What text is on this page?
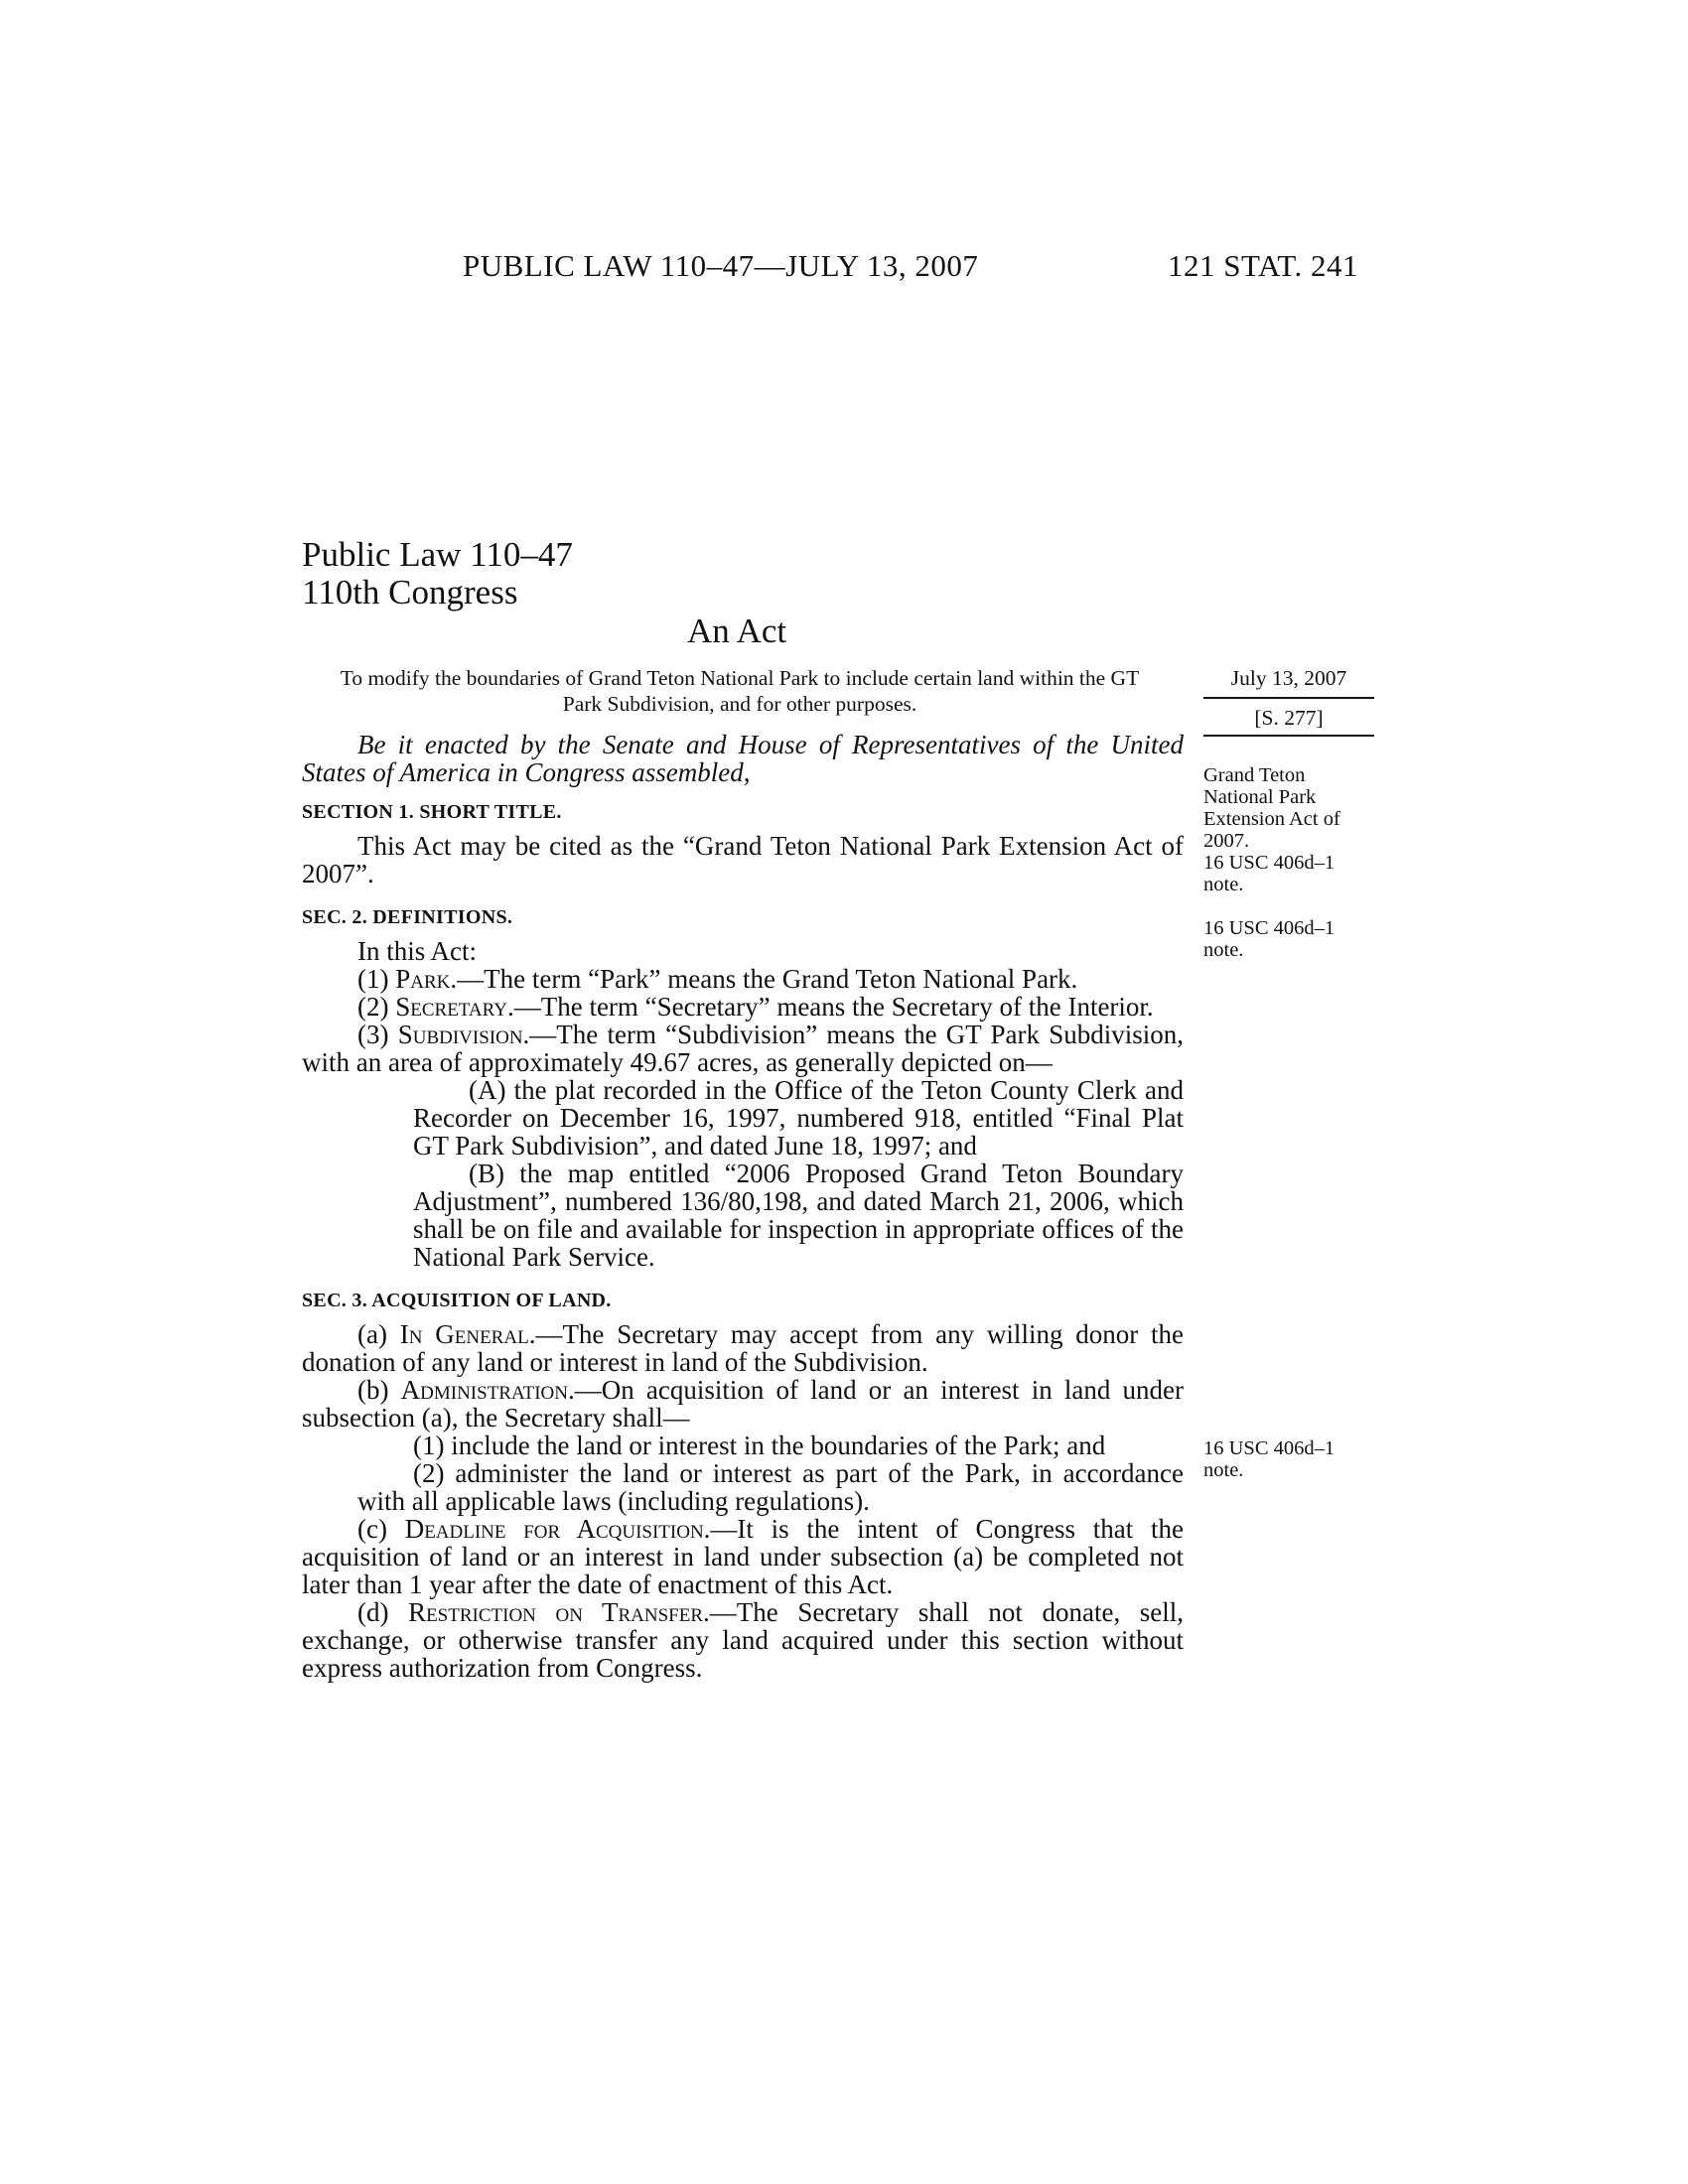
PUBLIC LAW 110–47—JULY 13, 2007	121 STAT. 241
Public Law 110–47
110th Congress
An Act
To modify the boundaries of Grand Teton National Park to include certain land within the GT Park Subdivision, and for other purposes.
July 13, 2007
[S. 277]
Grand Teton
National Park
Extension Act of
2007.
16 USC 406d–1
note.
16 USC 406d–1
note.
16 USC 406d–1
note.

Be it enacted by the Senate and House of Representatives of the United States of America in Congress assembled,

SECTION 1. SHORT TITLE.

This Act may be cited as the “Grand Teton National Park Extension Act of 2007”.

SEC. 2. DEFINITIONS.

In this Act:

(1) Park.—The term “Park” means the Grand Teton National Park.

(2) Secretary.—The term “Secretary” means the Secretary of the Interior.

(3) Subdivision.—The term “Subdivision” means the GT Park Subdivision, with an area of approximately 49.67 acres, as generally depicted on—

(A) the plat recorded in the Office of the Teton County Clerk and Recorder on December 16, 1997, numbered 918, entitled “Final Plat GT Park Subdivision”, and dated June 18, 1997; and

(B) the map entitled “2006 Proposed Grand Teton Boundary Adjustment”, numbered 136/80,198, and dated March 21, 2006, which shall be on file and available for inspection in appropriate offices of the National Park Service.

SEC. 3. ACQUISITION OF LAND.

(a) In General.—The Secretary may accept from any willing donor the donation of any land or interest in land of the Subdivision.

(b) Administration.—On acquisition of land or an interest in land under subsection (a), the Secretary shall—

(1) include the land or interest in the boundaries of the Park; and

(2) administer the land or interest as part of the Park, in accordance with all applicable laws (including regulations).

(c) Deadline for Acquisition.—It is the intent of Congress that the acquisition of land or an interest in land under subsection (a) be completed not later than 1 year after the date of enactment of this Act.

(d) Restriction on Transfer.—The Secretary shall not donate, sell, exchange, or otherwise transfer any land acquired under this section without express authorization from Congress.
